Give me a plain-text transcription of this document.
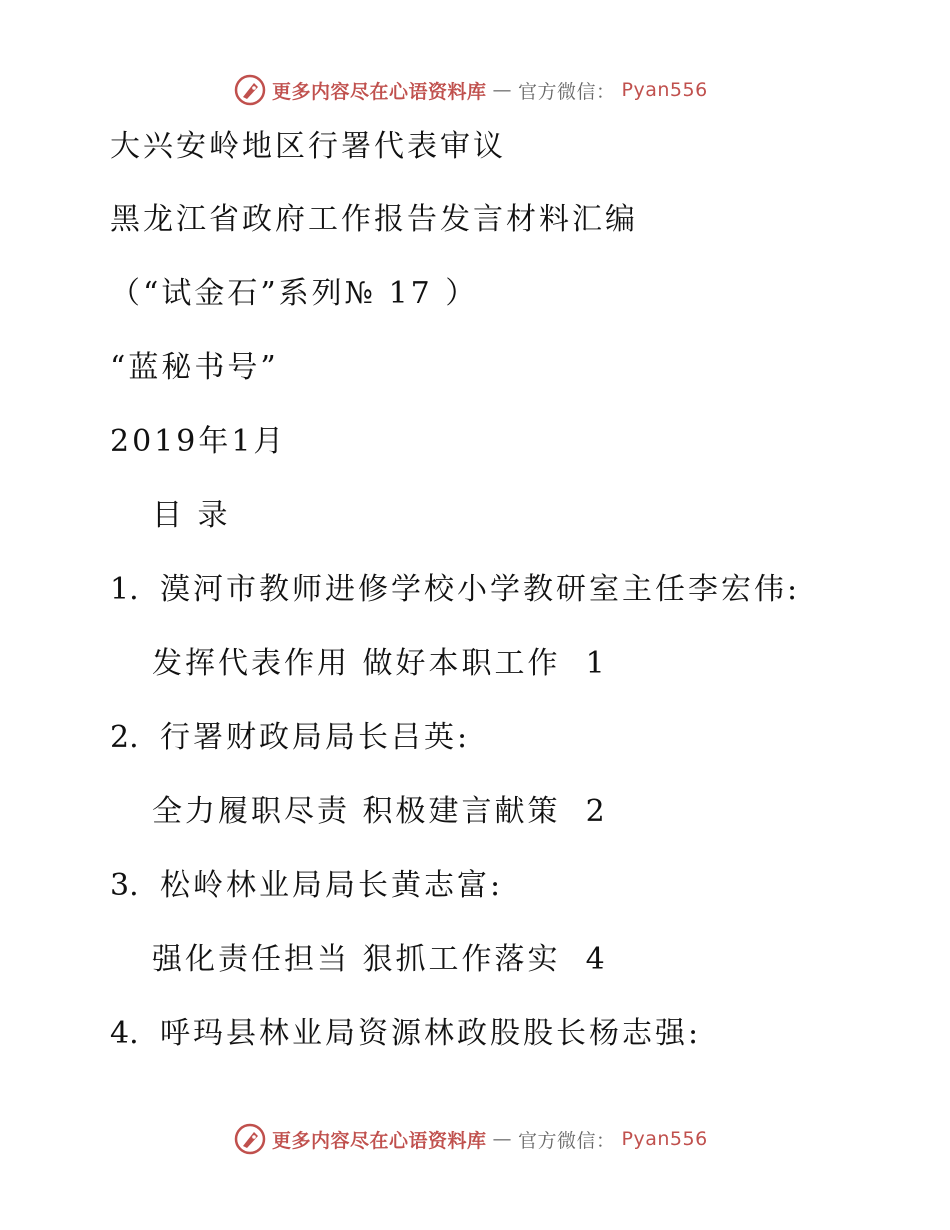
更多内容尽在心语资料库 — 官方微信： Pyan556
大兴安岭地区行署代表审议
黑龙江省政府工作报告发言材料汇编
（“试金石”系列№ 17 ）
“蓝秘书号”
2019年1月
目 录
1. 漠河市教师进修学校小学教研室主任李宏伟:
发挥代表作用 做好本职工作 1
2. 行署财政局局长吕英:
全力履职尽责 积极建言献策 2
3. 松岭林业局局长黄志富:
强化责任担当 狠抓工作落实 4
4. 呼玛县林业局资源林政股股长杨志强:
更多内容尽在心语资料库 — 官方微信： Pyan556
